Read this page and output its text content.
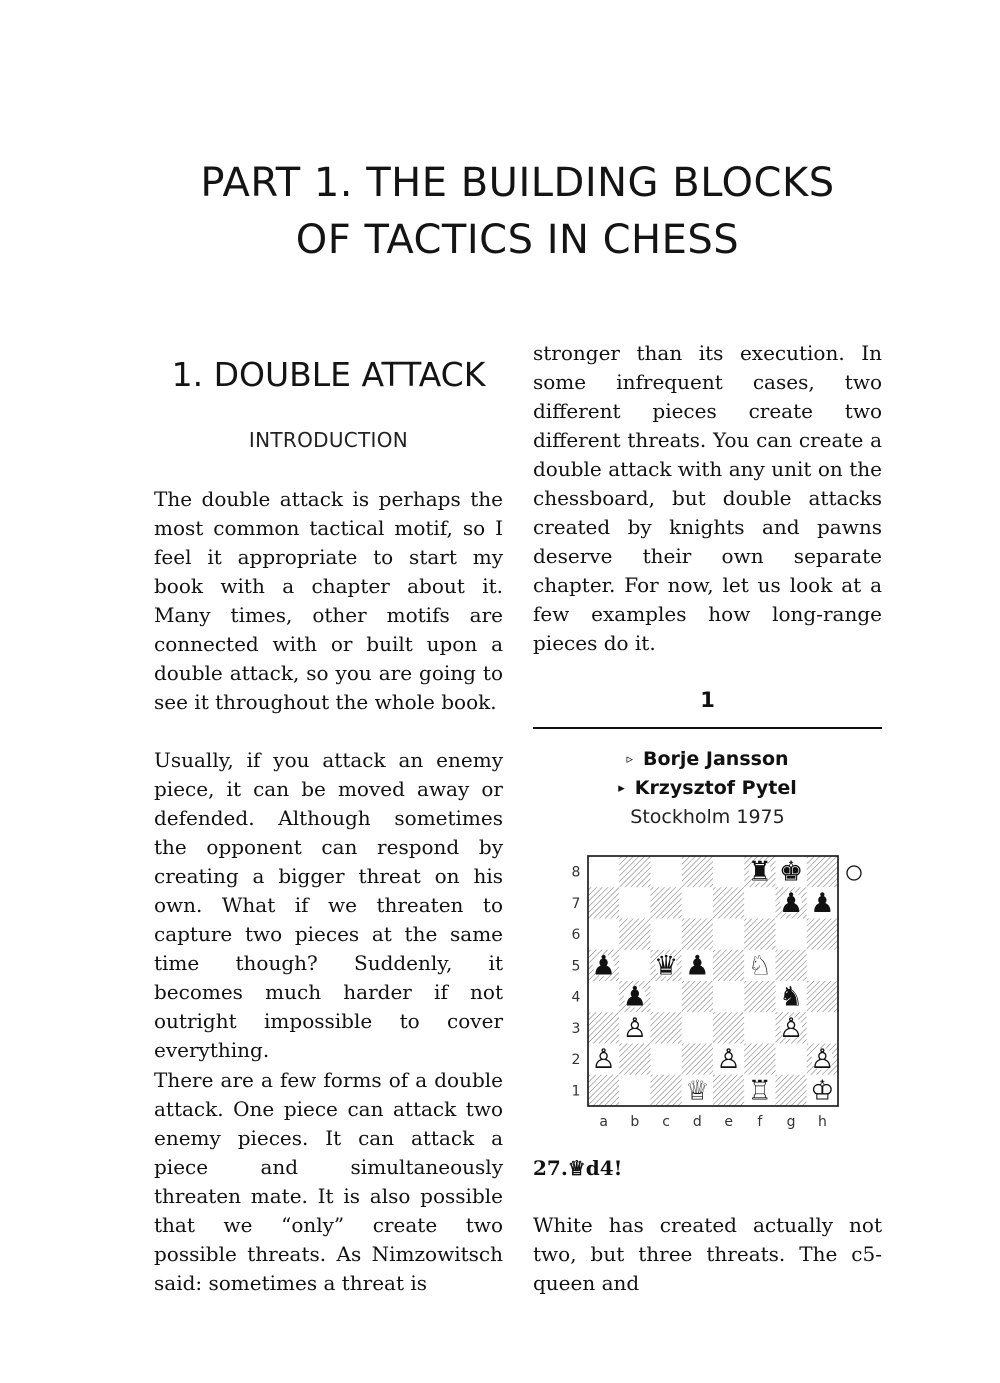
PART 1. THE BUILDING BLOCKS
OF TACTICS IN CHESS
1. DOUBLE ATTACK
INTRODUCTION

The double attack is perhaps the most common tactical motif, so I feel it appropriate to start my book with a chapter about it. Many times, other motifs are connected with or built upon a double attack, so you are going to see it throughout the whole book.

Usually, if you attack an enemy piece, it can be moved away or defended. Although sometimes the opponent can respond by creating a bigger threat on his own. What if we threaten to capture two pieces at the same time though? Suddenly, it becomes much harder if not outright impossible to cover everything.

There are a few forms of a double attack. One piece can attack two enemy pieces. It can attack a piece and simultaneously threaten mate. It is also possible that we “only” create two possible threats. As Nimzowitsch said: sometimes a threat is

stronger than its execution. In some infrequent cases, two different pieces create two different threats. You can create a double attack with any unit on the chessboard, but double attacks created by knights and pawns deserve their own separate chapter. For now, let us look at a few examples how long-range pieces do it.

1
▹ Borje Jansson
▸ Krzysztof Pytel
Stockholm 1975
8
7
6
5
4
3
2
1
a b c d e f g h
♜ ♚
♟ ♟
♟ ♛ ♟ ♘
♟	♞
♙	♙
♙	♙	♙
♕ ♖ ♔
27.♕d4!

White has created actually not two, but three threats. The c5-queen and
